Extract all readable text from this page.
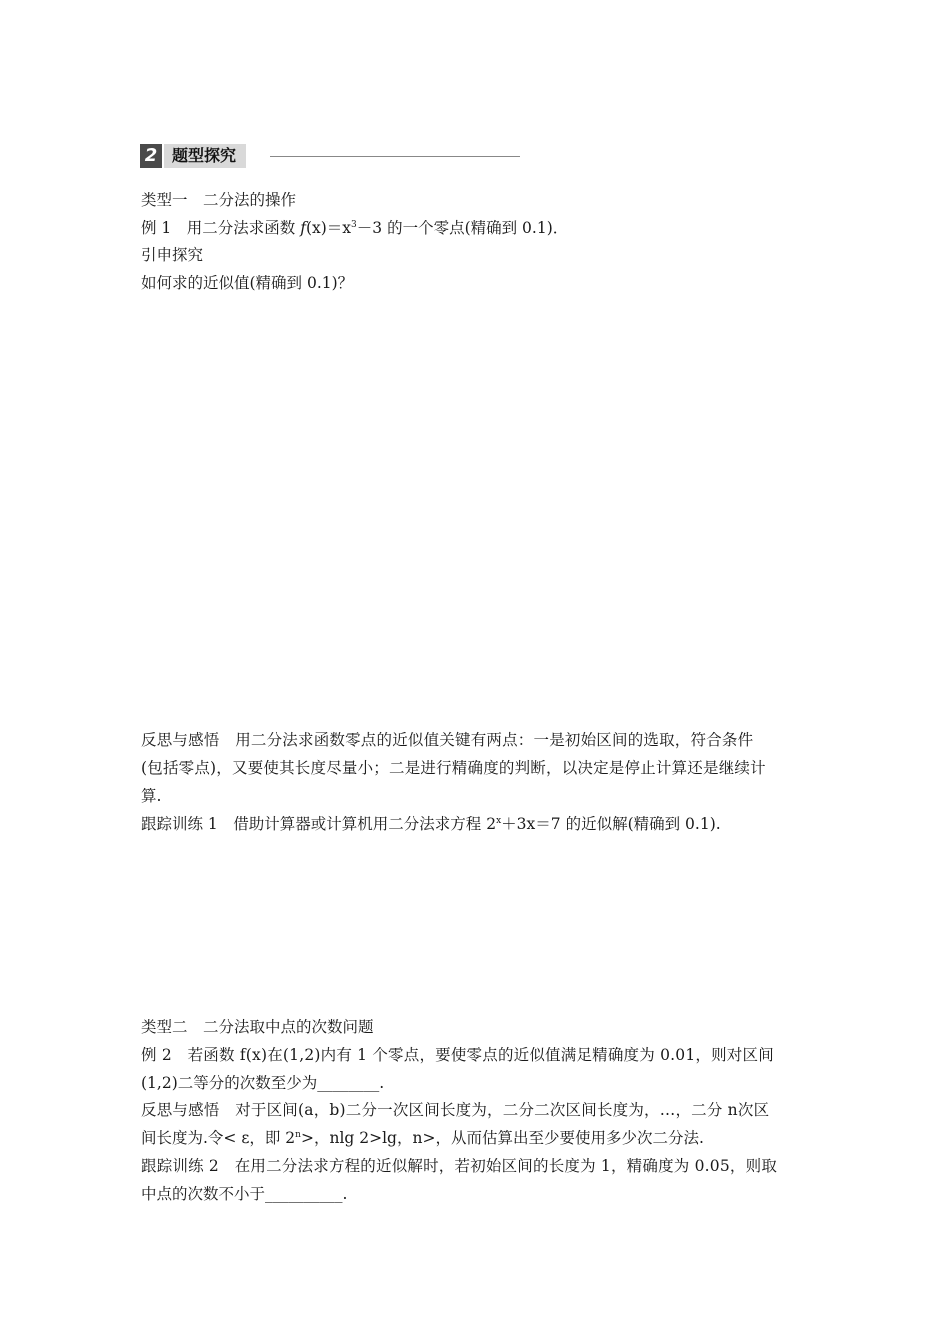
2 题型探究
类型一　二分法的操作
例 1　用二分法求函数 $f(x)=x^3-3$ 的一个零点(精确到 0.1)．
引申探究
如何求的近似值(精确到 0.1)？
反思与感悟　用二分法求函数零点的近似值关键有两点：一是初始区间的选取，符合条件
(包括零点)，又要使其长度尽量小；二是进行精确度的判断，以决定是停止计算还是继续计
算.
跟踪训练 1　借助计算器或计算机用二分法求方程 $2^x+3x=7$ 的近似解(精确到 0.1).
类型二　二分法取中点的次数问题
例 2　若函数 f(x)在(1,2)内有 1 个零点，要使零点的近似值满足精确度为 0.01，则对区间
(1,2)二等分的次数至少为________.
反思与感悟　对于区间(a，b)二分一次区间长度为，二分二次区间长度为，…，二分 n次区
间长度为.令< ε，即 $2^n>$，nlg 2>lg，n>，从而估算出至少要使用多少次二分法.
跟踪训练 2　在用二分法求方程的近似解时，若初始区间的长度为 1，精确度为 0.05，则取
中点的次数不小于__________.
